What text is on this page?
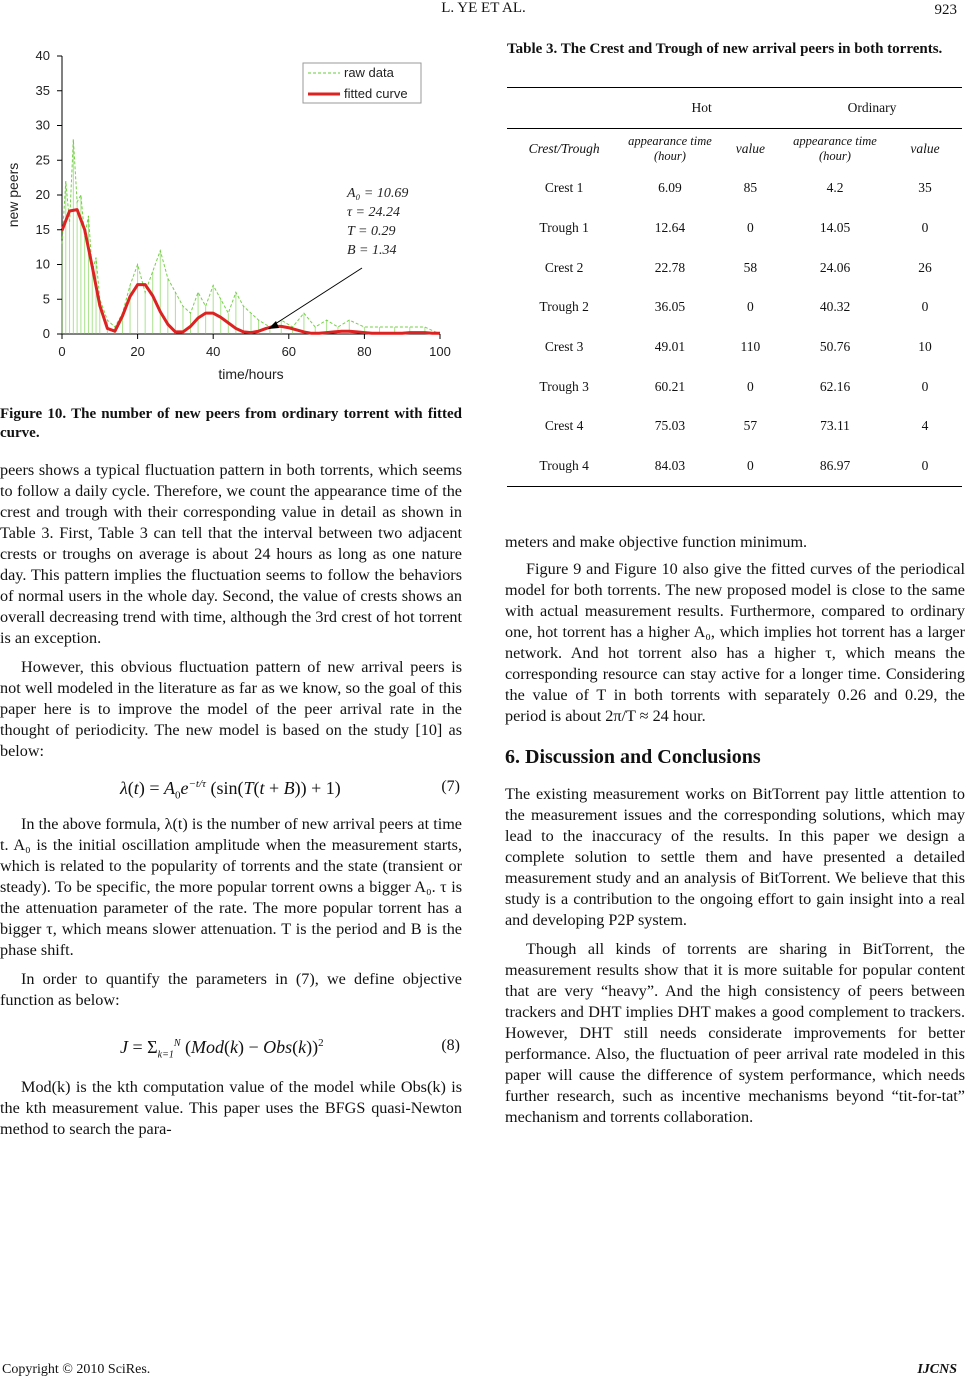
L. YE ET AL.	923
0	20	40	60	80	100
0
5
10
15
20
25
30
35
40
time/hours
new peers
raw data
fitted curve
A₀ = 10.69
τ = 24.24
T = 0.29
B = 1.34
Figure 10. The number of new peers from ordinary torrent with fitted curve.

peers shows a typical fluctuation pattern in both torrents, which seems to follow a daily cycle. Therefore, we count the appearance time of the crest and trough with their corresponding value in detail as shown in Table 3. First, Table 3 can tell that the interval between two adjacent crests or troughs on average is about 24 hours as long as one nature day. This pattern implies the fluctuation seems to follow the behaviors of normal users in the whole day. Second, the value of crests shows an overall decreasing trend with time, although the 3rd crest of hot torrent is an exception.

However, this obvious fluctuation pattern of new arrival peers is not well modeled in the literature as far as we know, so the goal of this paper here is to improve the model of the peer arrival rate in the thought of periodicity. The new model is based on the study [10] as below:

$\lambda(t) = A_0e^{-t/\tau}$ (sin(T(t + B)) + 1)	(7)

In the above formula, λ(t) is the number of new arrival peers at time t. A₀ is the initial oscillation amplitude when the measurement starts, which is related to the popularity of torrents and the state (transient or steady). To be specific, the more popular torrent owns a bigger A₀. τ is the attenuation parameter of the rate. The more popular torrent has a bigger τ, which means slower attenuation. T is the period and B is the phase shift.

In order to quantify the parameters in (7), we define objective function as below:

$J = \Sigma_{k=1}^N$ $(Mod(k) - Obs(k))^2$	(8)

Mod(k) is the kth computation value of the model while Obs(k) is the kth measurement value. This paper uses the BFGS quasi-Newton method to search the para-

Table 3. The Crest and Trough of new arrival peers in both torrents.
	Hot		Ordinary	
Crest/Trough	appearance time (hour)	value	appearance time (hour)	value
Crest 1	6.09	85	4.2	35
Trough 1	12.64	0	14.05	0
Crest 2	22.78	58	24.06	26
Trough 2	36.05	0	40.32	0
Crest 3	49.01	110	50.76	10
Trough 3	60.21	0	62.16	0
Crest 4	75.03	57	73.11	4
Trough 4	84.03	0	86.97	0

meters and make objective function minimum.

Figure 9 and Figure 10 also give the fitted curves of the periodical model for both torrents. The new proposed model is close to the same with actual measurement results. Furthermore, compared to ordinary one, hot torrent has a higher A₀, which implies hot torrent has a larger network. And hot torrent also has a higher τ, which means the corresponding resource can stay active for a longer time. Considering the value of T in both torrents with separately 0.26 and 0.29, the period is about 2π/T ≈ 24 hour.

6. Discussion and Conclusions

The existing measurement works on BitTorrent pay little attention to the measurement issues and the corresponding solutions, which may lead to the inaccuracy of the results. In this paper we design a complete solution to settle them and have presented a detailed measurement study and an analysis of BitTorrent. We believe that this study is a contribution to the ongoing effort to gain insight into a real and developing P2P system.

Though all kinds of torrents are sharing in BitTorrent, the measurement results show that it is more suitable for popular content that are very “heavy”. And the high consistency of peers between trackers and DHT implies DHT makes a good complement to trackers. However, DHT still needs considerate improvements for better performance. Also, the fluctuation of peer arrival rate modeled in this paper will cause the difference of system performance, which needs further research, such as incentive mechanisms beyond “tit-for-tat” mechanism and torrents collaboration.

Copyright © 2010 SciRes.	IJCNS
